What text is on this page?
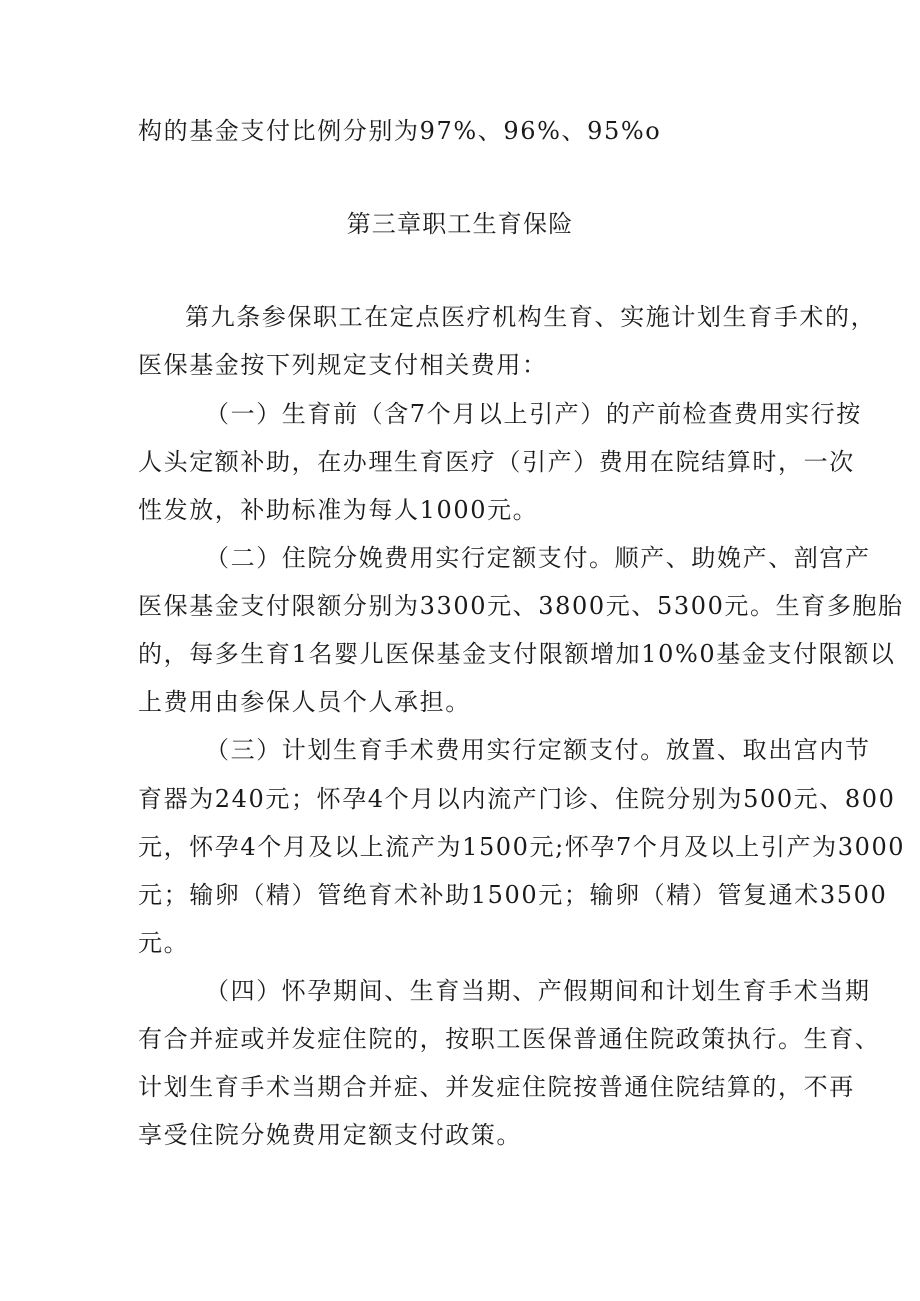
构的基金支付比例分别为97%、96%、95%o
第三章职工生育保险
第九条参保职工在定点医疗机构生育、实施计划生育手术的，
医保基金按下列规定支付相关费用：
（一）生育前（含7个月以上引产）的产前检查费用实行按
人头定额补助，在办理生育医疗（引产）费用在院结算时，一次
性发放，补助标准为每人1000元。
（二）住院分娩费用实行定额支付。顺产、助娩产、剖宫产
医保基金支付限额分别为3300元、3800元、5300元。生育多胞胎
的，每多生育1名婴儿医保基金支付限额增加10%0基金支付限额以
上费用由参保人员个人承担。
（三）计划生育手术费用实行定额支付。放置、取出宫内节
育器为240元；怀孕4个月以内流产门诊、住院分别为500元、800
元，怀孕4个月及以上流产为1500元;怀孕7个月及以上引产为3000
元；输卵（精）管绝育术补助1500元；输卵（精）管复通术3500
元。
（四）怀孕期间、生育当期、产假期间和计划生育手术当期
有合并症或并发症住院的，按职工医保普通住院政策执行。生育、
计划生育手术当期合并症、并发症住院按普通住院结算的，不再
享受住院分娩费用定额支付政策。
